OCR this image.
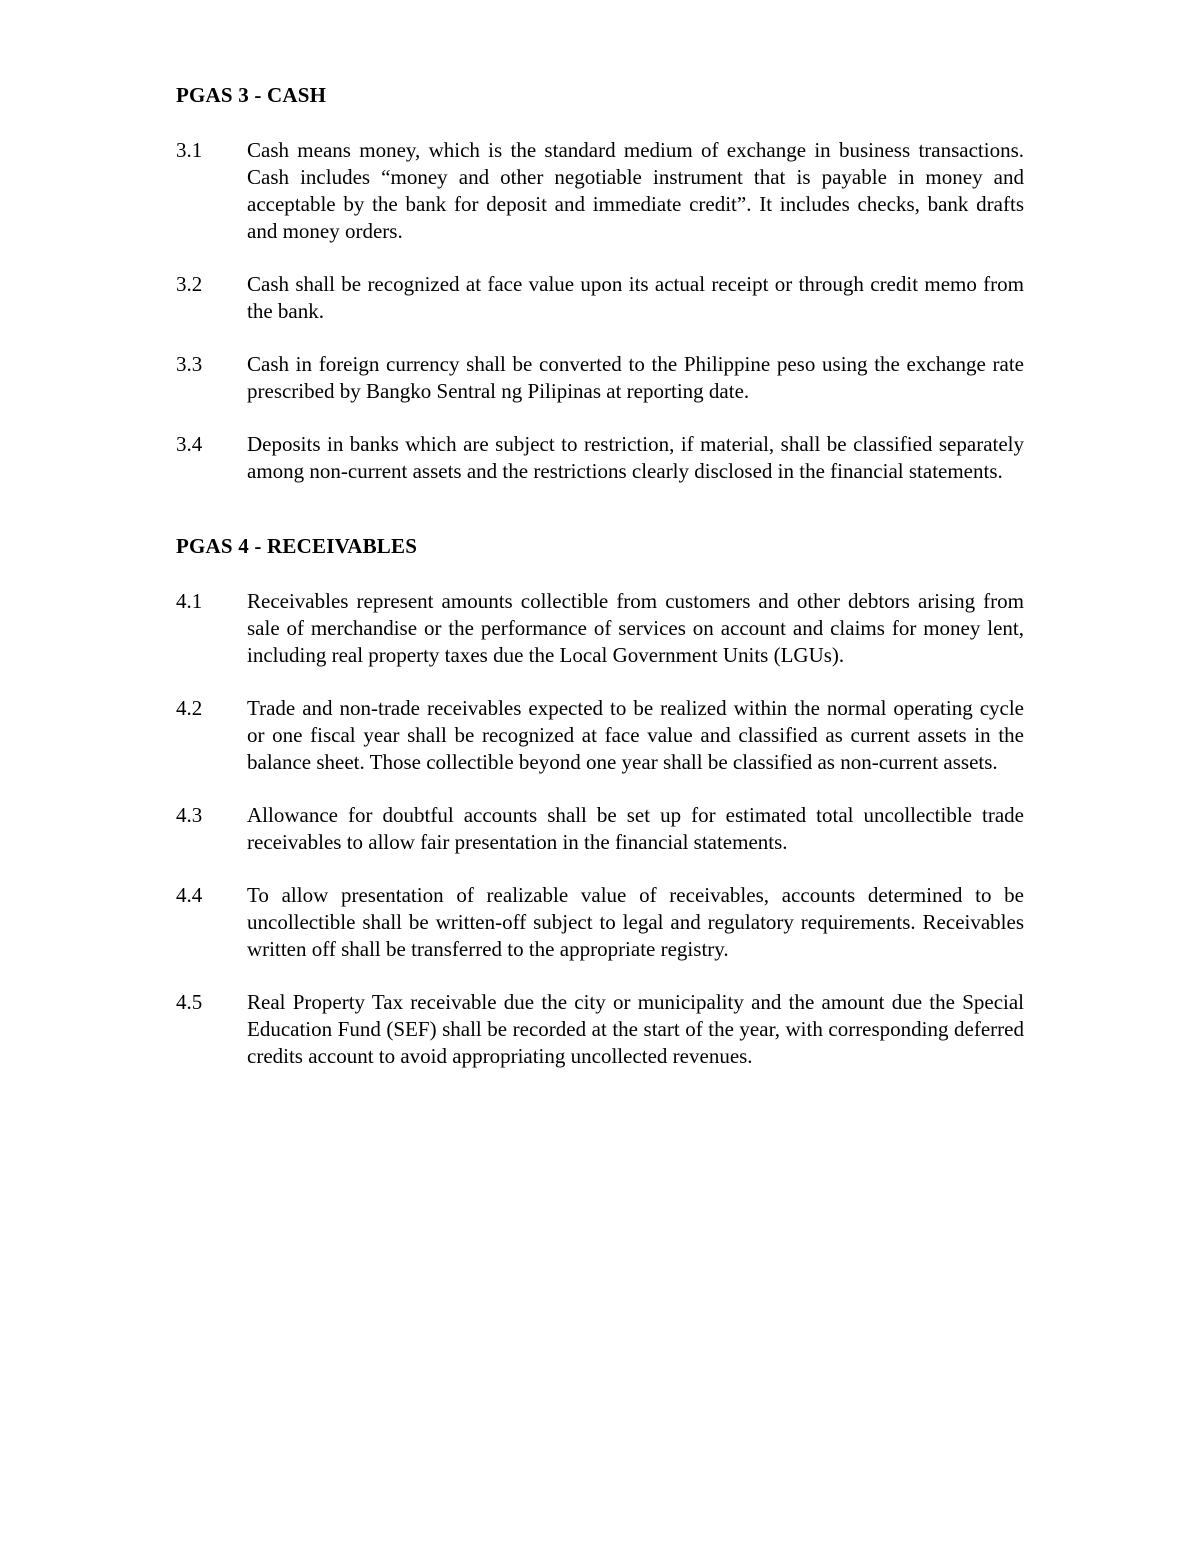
PGAS 3 - CASH

3.1	Cash means money, which is the standard medium of exchange in business transactions. Cash includes “money and other negotiable instrument that is payable in money and acceptable by the bank for deposit and immediate credit”. It includes checks, bank drafts and money orders.
3.2	Cash shall be recognized at face value upon its actual receipt or through credit memo from the bank.
3.3	Cash in foreign currency shall be converted to the Philippine peso using the exchange rate prescribed by Bangko Sentral ng Pilipinas at reporting date.
3.4	Deposits in banks which are subject to restriction, if material, shall be classified separately among non-current assets and the restrictions clearly disclosed in the financial statements.

PGAS 4 - RECEIVABLES

4.1	Receivables represent amounts collectible from customers and other debtors arising from sale of merchandise or the performance of services on account and claims for money lent, including real property taxes due the Local Government Units (LGUs).
4.2	Trade and non-trade receivables expected to be realized within the normal operating cycle or one fiscal year shall be recognized at face value and classified as current assets in the balance sheet. Those collectible beyond one year shall be classified as non-current assets.
4.3	Allowance for doubtful accounts shall be set up for estimated total uncollectible trade receivables to allow fair presentation in the financial statements.
4.4	To allow presentation of realizable value of receivables, accounts determined to be uncollectible shall be written-off subject to legal and regulatory requirements. Receivables written off shall be transferred to the appropriate registry.
4.5	Real Property Tax receivable due the city or municipality and the amount due the Special Education Fund (SEF) shall be recorded at the start of the year, with corresponding deferred credits account to avoid appropriating uncollected revenues.
